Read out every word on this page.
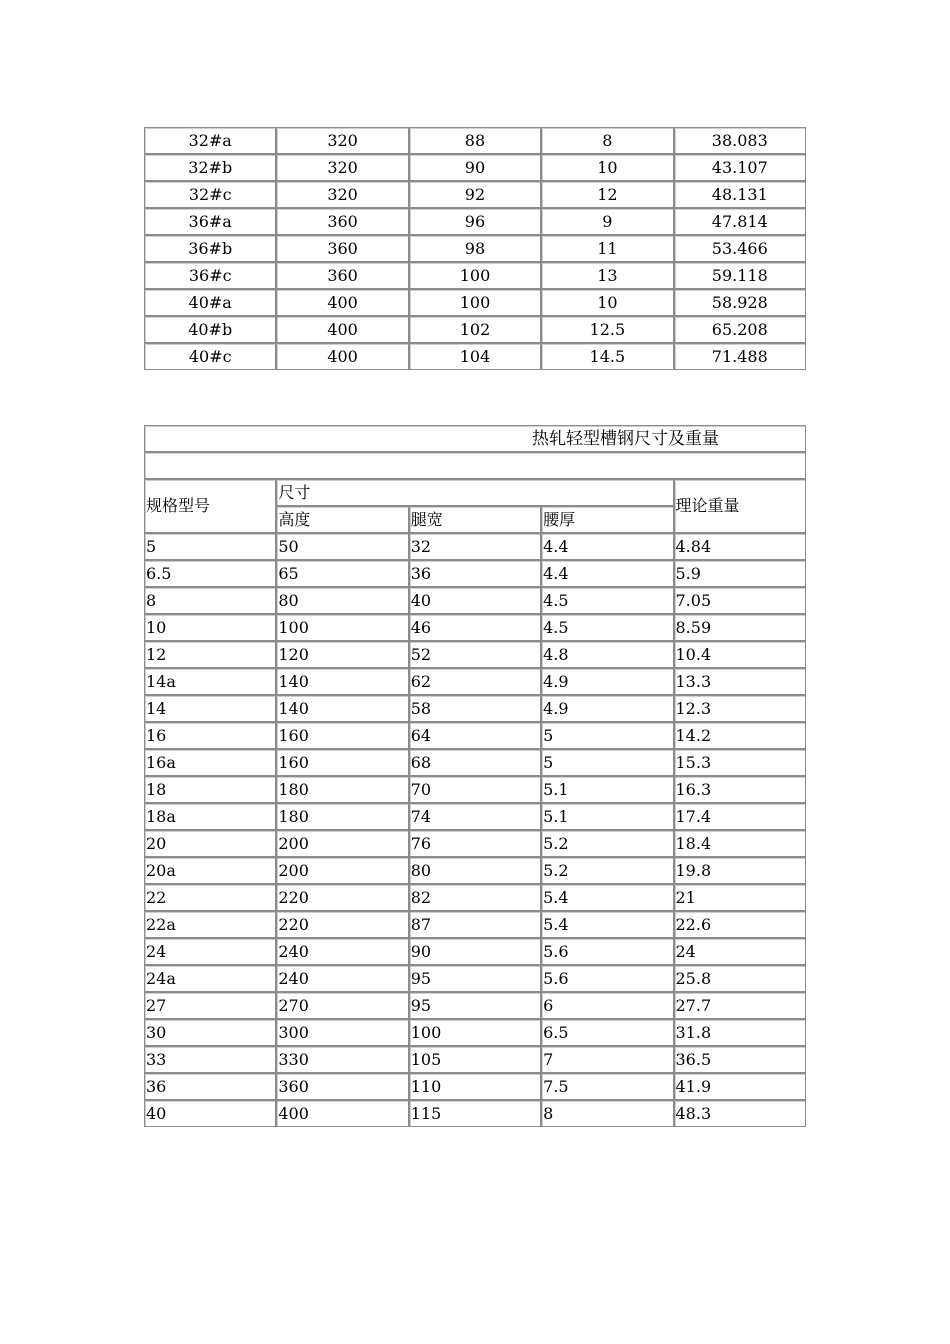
32#a	320	88	8	38.083
32#b	320	90	10	43.107
32#c	320	92	12	48.131
36#a	360	96	9	47.814
36#b	360	98	11	53.466
36#c	360	100	13	59.118
40#a	400	100	10	58.928
40#b	400	102	12.5	65.208
40#c	400	104	14.5	71.488
热轧轻型槽钢尺寸及重量				

规格型号	尺寸			理论重量
	高度	腿宽	腰厚	
5	50	32	4.4	4.84
6.5	65	36	4.4	5.9
8	80	40	4.5	7.05
10	100	46	4.5	8.59
12	120	52	4.8	10.4
14a	140	62	4.9	13.3
14	140	58	4.9	12.3
16	160	64	5	14.2
16a	160	68	5	15.3
18	180	70	5.1	16.3
18a	180	74	5.1	17.4
20	200	76	5.2	18.4
20a	200	80	5.2	19.8
22	220	82	5.4	21
22a	220	87	5.4	22.6
24	240	90	5.6	24
24a	240	95	5.6	25.8
27	270	95	6	27.7
30	300	100	6.5	31.8
33	330	105	7	36.5
36	360	110	7.5	41.9
40	400	115	8	48.3
